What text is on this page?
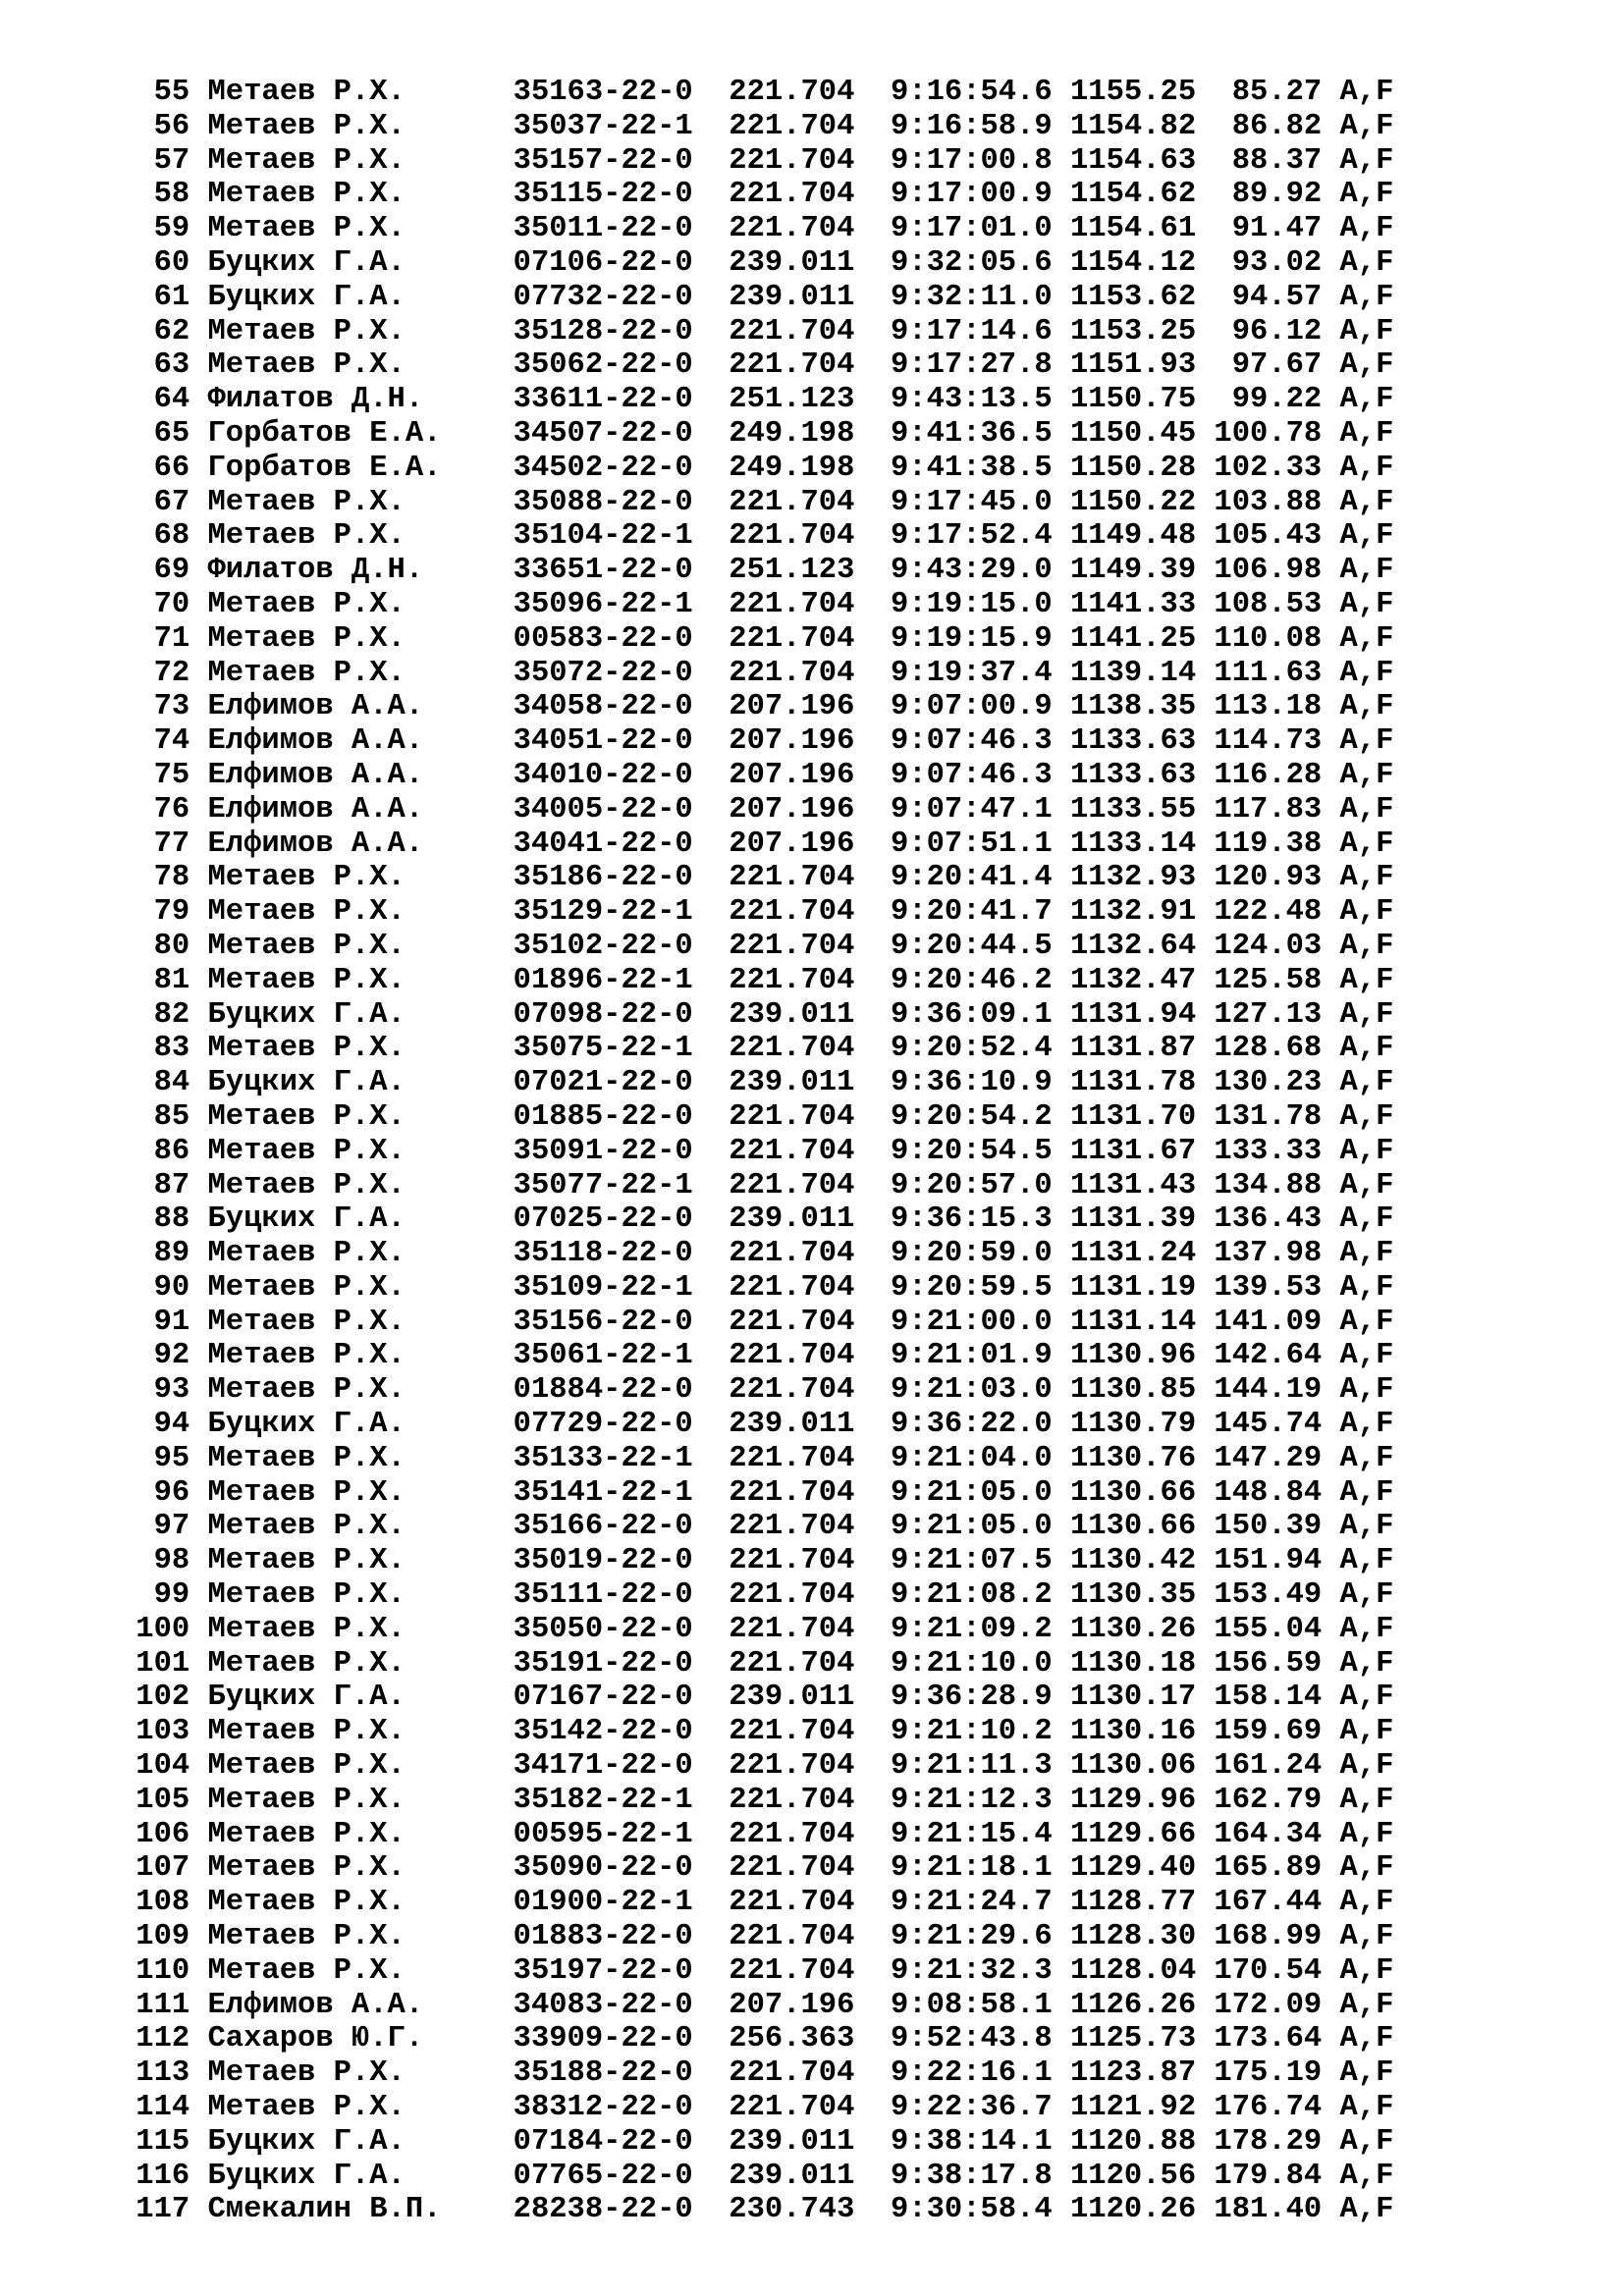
55 Метаев Р.Х.	35163-22-0 221.704 9:16:54.6 1155.25 85.27 A,F
56 Метаев Р.Х.	35037-22-1 221.704 9:16:58.9 1154.82 86.82 A,F
57 Метаев Р.Х.	35157-22-0 221.704 9:17:00.8 1154.63 88.37 A,F
58 Метаев Р.Х.	35115-22-0 221.704 9:17:00.9 1154.62 89.92 A,F
59 Метаев Р.Х.	35011-22-0 221.704 9:17:01.0 1154.61 91.47 A,F
60 Буцких Г.А.	07106-22-0 239.011 9:32:05.6 1154.12 93.02 A,F
61 Буцких Г.А.	07732-22-0 239.011 9:32:11.0 1153.62 94.57 A,F
62 Метаев Р.Х.	35128-22-0 221.704 9:17:14.6 1153.25 96.12 A,F
63 Метаев Р.Х.	35062-22-0 221.704 9:17:27.8 1151.93 97.67 A,F
64 Филатов Д.Н.	33611-22-0 251.123 9:43:13.5 1150.75 99.22 A,F
65 Горбатов Е.А. 34507-22-0 249.198 9:41:36.5 1150.45 100.78 A,F
66 Горбатов Е.А. 34502-22-0 249.198 9:41:38.5 1150.28 102.33 A,F
67 Метаев Р.Х.	35088-22-0 221.704 9:17:45.0 1150.22 103.88 A,F
68 Метаев Р.Х.	35104-22-1 221.704 9:17:52.4 1149.48 105.43 A,F
69 Филатов Д.Н.	33651-22-0 251.123 9:43:29.0 1149.39 106.98 A,F
70 Метаев Р.Х.	35096-22-1 221.704 9:19:15.0 1141.33 108.53 A,F
71 Метаев Р.Х.	00583-22-0 221.704 9:19:15.9 1141.25 110.08 A,F
72 Метаев Р.Х.	35072-22-0 221.704 9:19:37.4 1139.14 111.63 A,F
73 Елфимов А.А.	34058-22-0 207.196 9:07:00.9 1138.35 113.18 A,F
74 Елфимов А.А.	34051-22-0 207.196 9:07:46.3 1133.63 114.73 A,F
75 Елфимов А.А.	34010-22-0 207.196 9:07:46.3 1133.63 116.28 A,F
76 Елфимов А.А.	34005-22-0 207.196 9:07:47.1 1133.55 117.83 A,F
77 Елфимов А.А.	34041-22-0 207.196 9:07:51.1 1133.14 119.38 A,F
78 Метаев Р.Х.	35186-22-0 221.704 9:20:41.4 1132.93 120.93 A,F
79 Метаев Р.Х.	35129-22-1 221.704 9:20:41.7 1132.91 122.48 A,F
80 Метаев Р.Х.	35102-22-0 221.704 9:20:44.5 1132.64 124.03 A,F
81 Метаев Р.Х.	01896-22-1 221.704 9:20:46.2 1132.47 125.58 A,F
82 Буцких Г.А.	07098-22-0 239.011 9:36:09.1 1131.94 127.13 A,F
83 Метаев Р.Х.	35075-22-1 221.704 9:20:52.4 1131.87 128.68 A,F
84 Буцких Г.А.	07021-22-0 239.011 9:36:10.9 1131.78 130.23 A,F
85 Метаев Р.Х.	01885-22-0 221.704 9:20:54.2 1131.70 131.78 A,F
86 Метаев Р.Х.	35091-22-0 221.704 9:20:54.5 1131.67 133.33 A,F
87 Метаев Р.Х.	35077-22-1 221.704 9:20:57.0 1131.43 134.88 A,F
88 Буцких Г.А.	07025-22-0 239.011 9:36:15.3 1131.39 136.43 A,F
89 Метаев Р.Х.	35118-22-0 221.704 9:20:59.0 1131.24 137.98 A,F
90 Метаев Р.Х.	35109-22-1 221.704 9:20:59.5 1131.19 139.53 A,F
91 Метаев Р.Х.	35156-22-0 221.704 9:21:00.0 1131.14 141.09 A,F
92 Метаев Р.Х.	35061-22-1 221.704 9:21:01.9 1130.96 142.64 A,F
93 Метаев Р.Х.	01884-22-0 221.704 9:21:03.0 1130.85 144.19 A,F
94 Буцких Г.А.	07729-22-0 239.011 9:36:22.0 1130.79 145.74 A,F
95 Метаев Р.Х.	35133-22-1 221.704 9:21:04.0 1130.76 147.29 A,F
96 Метаев Р.Х.	35141-22-1 221.704 9:21:05.0 1130.66 148.84 A,F
97 Метаев Р.Х.	35166-22-0 221.704 9:21:05.0 1130.66 150.39 A,F
98 Метаев Р.Х.	35019-22-0 221.704 9:21:07.5 1130.42 151.94 A,F
99 Метаев Р.Х.	35111-22-0 221.704 9:21:08.2 1130.35 153.49 A,F
100 Метаев Р.Х.	35050-22-0 221.704 9:21:09.2 1130.26 155.04 A,F
101 Метаев Р.Х.	35191-22-0 221.704 9:21:10.0 1130.18 156.59 A,F
102 Буцких Г.А.	07167-22-0 239.011 9:36:28.9 1130.17 158.14 A,F
103 Метаев Р.Х.	35142-22-0 221.704 9:21:10.2 1130.16 159.69 A,F
104 Метаев Р.Х.	34171-22-0 221.704 9:21:11.3 1130.06 161.24 A,F
105 Метаев Р.Х.	35182-22-1 221.704 9:21:12.3 1129.96 162.79 A,F
106 Метаев Р.Х.	00595-22-1 221.704 9:21:15.4 1129.66 164.34 A,F
107 Метаев Р.Х.	35090-22-0 221.704 9:21:18.1 1129.40 165.89 A,F
108 Метаев Р.Х.	01900-22-1 221.704 9:21:24.7 1128.77 167.44 A,F
109 Метаев Р.Х.	01883-22-0 221.704 9:21:29.6 1128.30 168.99 A,F
110 Метаев Р.Х.	35197-22-0 221.704 9:21:32.3 1128.04 170.54 A,F
111 Елфимов А.А.	34083-22-0 207.196 9:08:58.1 1126.26 172.09 A,F
112 Сахаров Ю.Г.	33909-22-0 256.363 9:52:43.8 1125.73 173.64 A,F
113 Метаев Р.Х.	35188-22-0 221.704 9:22:16.1 1123.87 175.19 A,F
114 Метаев Р.Х.	38312-22-0 221.704 9:22:36.7 1121.92 176.74 A,F
115 Буцких Г.А.	07184-22-0 239.011 9:38:14.1 1120.88 178.29 A,F
116 Буцких Г.А.	07765-22-0 239.011 9:38:17.8 1120.56 179.84 A,F
117 Смекалин В.П. 28238-22-0 230.743 9:30:58.4 1120.26 181.40 A,F
